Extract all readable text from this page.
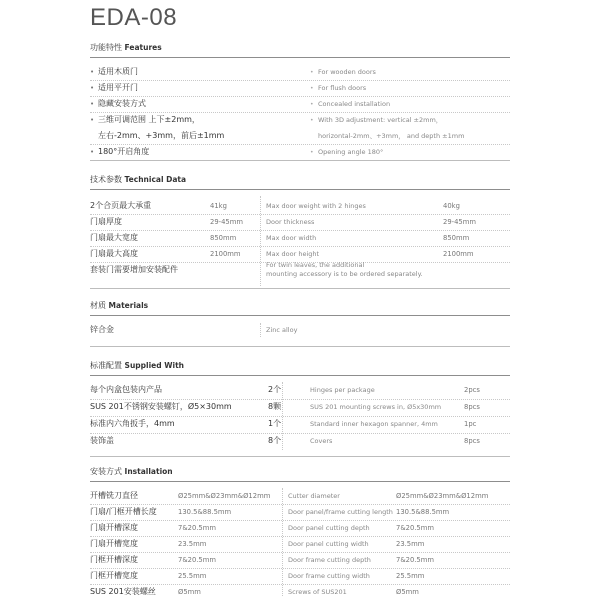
EDA-08
功能特性 Features
• 适用木质门	• For wooden doors
• 适用平开门	• For flush doors
• 隐藏安装方式	• Concealed installation
• 三维可调范围 上下±2mm，	• With 3D adjustment: vertical ±2mm，
左右-2mm、+3mm，前后±1mm	horizontal-2mm、+3mm， and depth ±1mm
• 180°开启角度	• Opening angle 180°
技术参数 Technical Data
2个合页最大承重	41kg	Max door weight with 2 hinges	40kg
门扇厚度	29-45mm	Door thickness	29-45mm
门扇最大宽度	850mm	Max door width	850mm
门扇最大高度	2100mm	Max door height	2100mm
套装门需要增加安装配件	For twin leaves, the additional
mounting accessory is to be ordered separately.
材质 Materials
锌合金	Zinc alloy
标准配置 Supplied With
每个内盒包装内产品	2个	Hinges per package	2pcs
SUS 201不锈钢安装螺钉，Ø5×30mm	8颗	SUS 201 mounting screws in, Ø5x30mm	8pcs
标准内六角扳手，4mm	1个	Standard inner hexagon spanner, 4mm	1pc
装饰盖	8个	Covers	8pcs
安装方式 Installation
开槽铣刀直径	Ø25mm&Ø23mm&Ø12mm	Cutter diameter	Ø25mm&Ø23mm&Ø12mm
门扇/门框开槽长度	130.5&88.5mm	Door panel/frame cutting length 130.5&88.5mm
门扇开槽深度	7&20.5mm	Door panel cutting depth	7&20.5mm
门扇开槽宽度	23.5mm	Door panel cutting width	23.5mm
门框开槽深度	7&20.5mm	Door frame cutting depth	7&20.5mm
门框开槽宽度	25.5mm	Door frame cutting width	25.5mm
SUS 201安装螺丝	Ø5mm	Screws of SUS201	Ø5mm
